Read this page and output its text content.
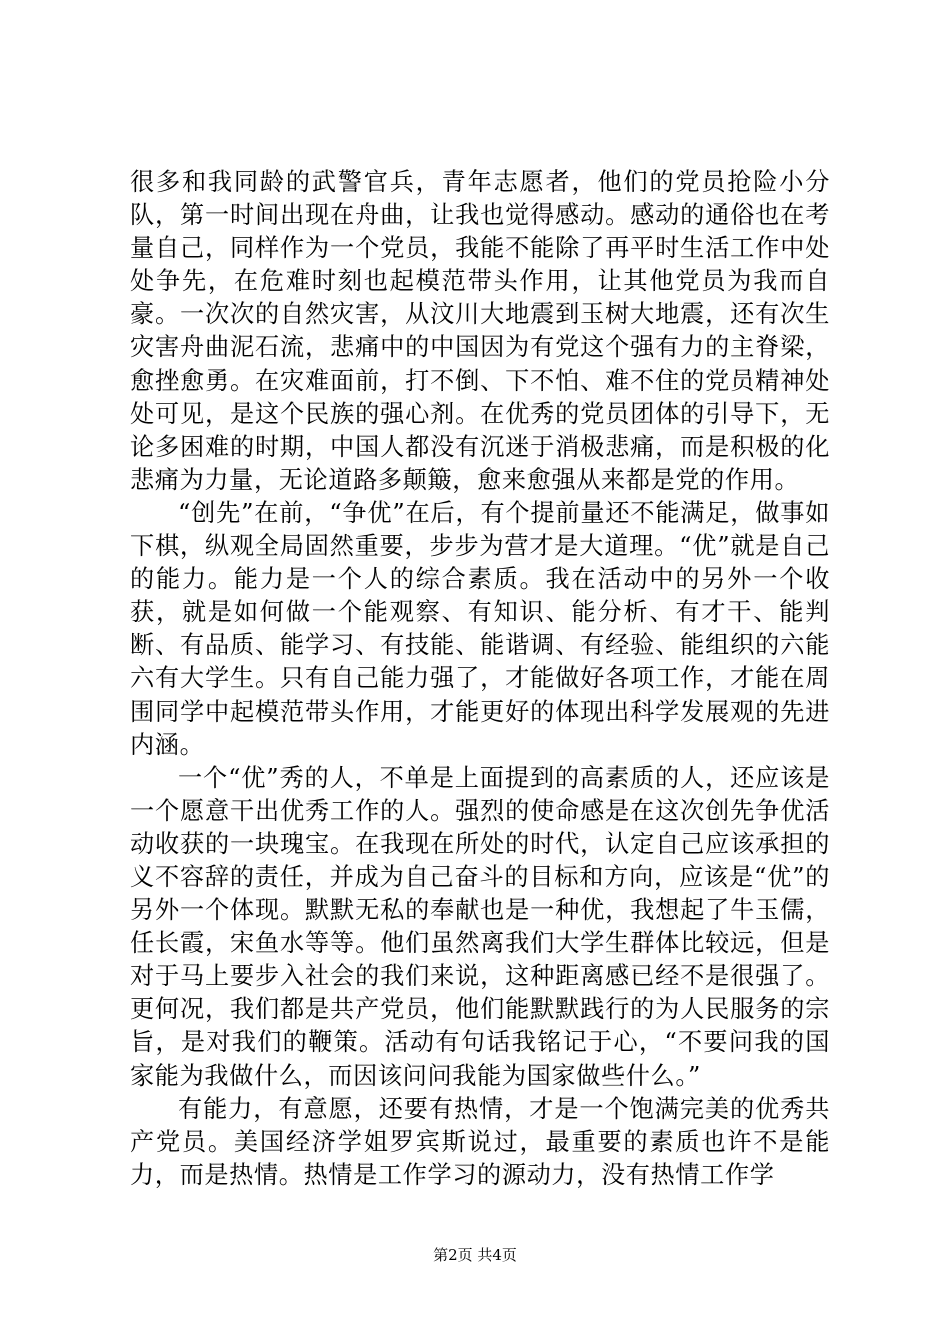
很多和我同龄的武警官兵，青年志愿者，他们的党员抢险小分队，第一时间出现在舟曲，让我也觉得感动。感动的通俗也在考量自己，同样作为一个党员，我能不能除了再平时生活工作中处处争先，在危难时刻也起模范带头作用，让其他党员为我而自豪。一次次的自然灾害，从汶川大地震到玉树大地震，还有次生灾害舟曲泥石流，悲痛中的中国因为有党这个强有力的主脊梁，愈挫愈勇。在灾难面前，打不倒、下不怕、难不住的党员精神处处可见，是这个民族的强心剂。在优秀的党员团体的引导下，无论多困难的时期，中国人都没有沉迷于消极悲痛，而是积极的化悲痛为力量，无论道路多颠簸，愈来愈强从来都是党的作用。

“创先”在前，“争优”在后，有个提前量还不能满足，做事如下棋，纵观全局固然重要，步步为营才是大道理。“优”就是自己的能力。能力是一个人的综合素质。我在活动中的另外一个收获，就是如何做一个能观察、有知识、能分析、有才干、能判断、有品质、能学习、有技能、能谐调、有经验、能组织的六能六有大学生。只有自己能力强了，才能做好各项工作，才能在周围同学中起模范带头作用，才能更好的体现出科学发展观的先进内涵。

一个“优”秀的人，不单是上面提到的高素质的人，还应该是一个愿意干出优秀工作的人。强烈的使命感是在这次创先争优活动收获的一块瑰宝。在我现在所处的时代，认定自己应该承担的义不容辞的责任，并成为自己奋斗的目标和方向，应该是“优”的另外一个体现。默默无私的奉献也是一种优，我想起了牛玉儒，任长霞，宋鱼水等等。他们虽然离我们大学生群体比较远，但是对于马上要步入社会的我们来说，这种距离感已经不是很强了。更何况，我们都是共产党员，他们能默默践行的为人民服务的宗旨，是对我们的鞭策。活动有句话我铭记于心，“不要问我的国家能为我做什么，而因该问问我能为国家做些什么。”

有能力，有意愿，还要有热情，才是一个饱满完美的优秀共产党员。美国经济学姐罗宾斯说过，最重要的素质也许不是能力，而是热情。热情是工作学习的源动力，没有热情工作学

第2页 共4页
